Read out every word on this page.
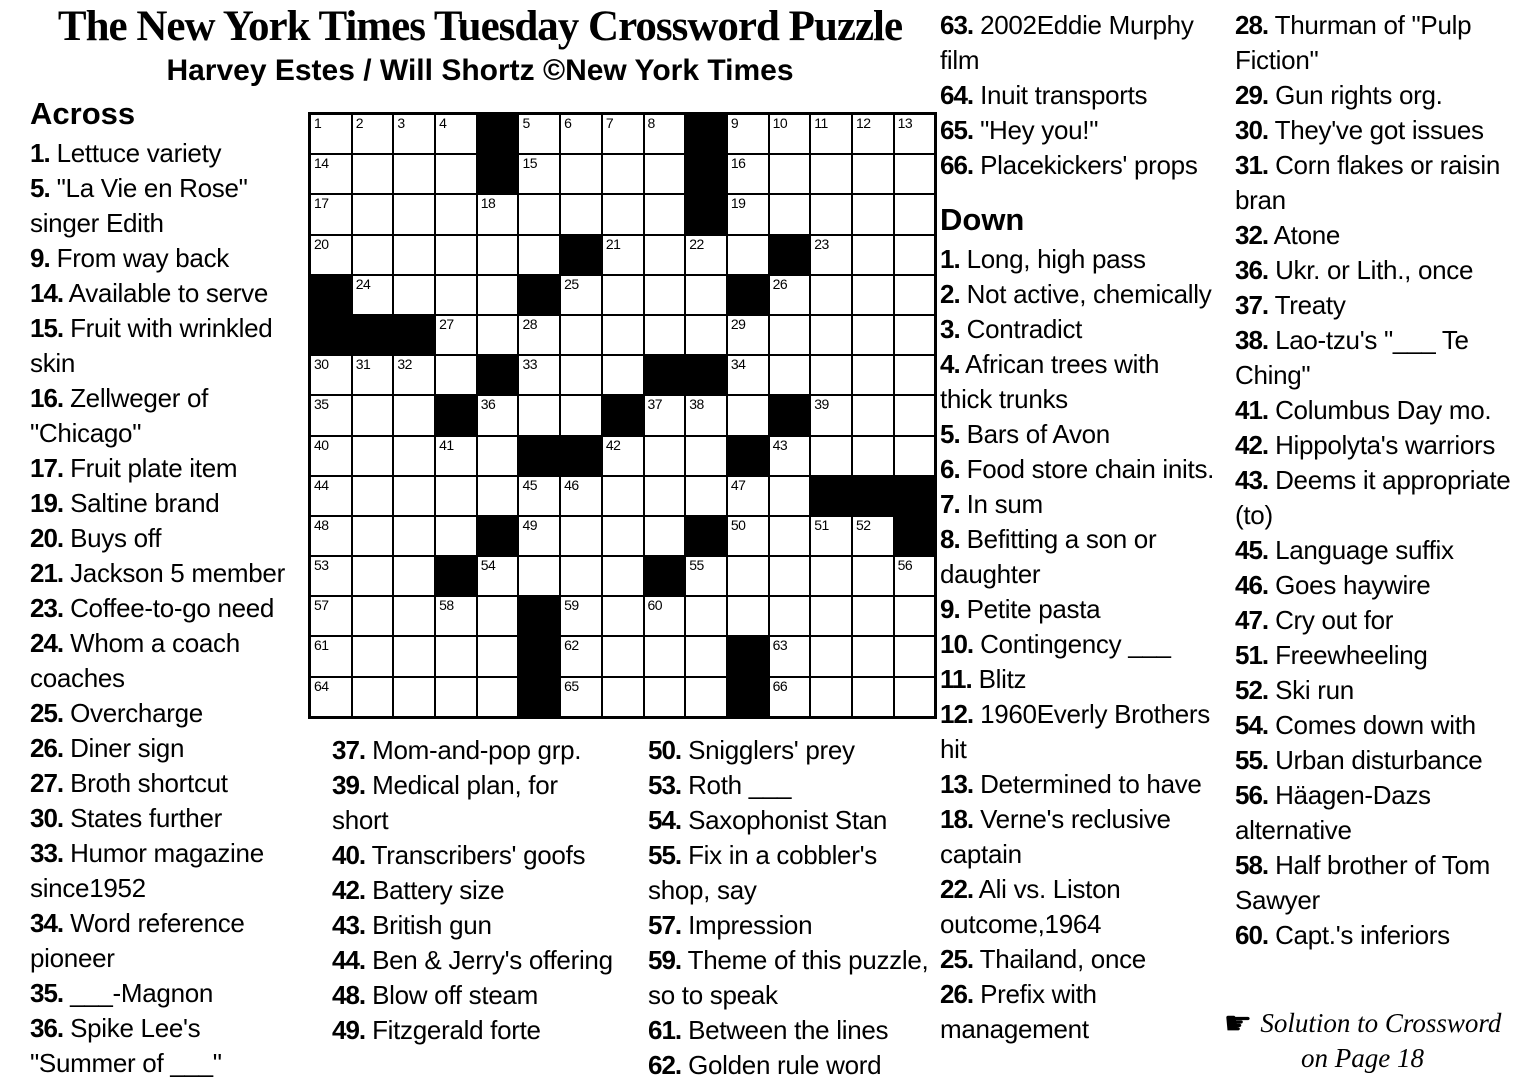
The New York Times Tuesday Crossword Puzzle
Harvey Estes / Will Shortz ©New York Times
Across
1. Lettuce variety
5. "La Vie en Rose" singer Edith
9. From way back
14. Available to serve
15. Fruit with wrinkled skin
16. Zellweger of "Chicago"
17. Fruit plate item
19. Saltine brand
20. Buys off
21. Jackson 5 member
23. Coffee-to-go need
24. Whom a coach coaches
25. Overcharge
26. Diner sign
27. Broth shortcut
30. States further
33. Humor magazine since1952
34. Word reference pioneer
35. ___-Magnon
36. Spike Lee's "Summer of ___"
1 2 3 4	5 6 7 8	9 10 11 12 13
14	15	16
17	18	19
20	21	22	23
24	25	26
27	28	29
30 31 32	33	34
35	36	37 38	39
40	41	42	43
44	45 46	47
48	49	50	51 52
53	54	55	56
57	58	59	60
61	62	63
64	65	66
37. Mom-and-pop grp.
39. Medical plan, for short
40. Transcribers' goofs
42. Battery size
43. British gun
44. Ben & Jerry's offering
48. Blow off steam
49. Fitzgerald forte
50. Snigglers' prey
53. Roth ___
54. Saxophonist Stan
55. Fix in a cobbler's shop, say
57. Impression
59. Theme of this puzzle, so to speak
61. Between the lines
62. Golden rule word
63. 2002Eddie Murphy film
64. Inuit transports
65. "Hey you!"
66. Placekickers' props
Down
1. Long, high pass
2. Not active, chemically
3. Contradict
4. African trees with thick trunks
5. Bars of Avon
6. Food store chain inits.
7. In sum
8. Befitting a son or daughter
9. Petite pasta
10. Contingency ___
11. Blitz
12. 1960Everly Brothers hit
13. Determined to have
18. Verne's reclusive captain
22. Ali vs. Liston outcome,1964
25. Thailand, once
26. Prefix with management
28. Thurman of "Pulp Fiction"
29. Gun rights org.
30. They've got issues
31. Corn flakes or raisin bran
32. Atone
36. Ukr. or Lith., once
37. Treaty
38. Lao-tzu's "___ Te Ching"
41. Columbus Day mo.
42. Hippolyta's warriors
43. Deems it appropriate (to)
45. Language suffix
46. Goes haywire
47. Cry out for
51. Freewheeling
52. Ski run
54. Comes down with
55. Urban disturbance
56. Häagen-Dazs alternative
58. Half brother of Tom Sawyer
60. Capt.'s inferiors
☛ Solution to Crossword
on Page 18
